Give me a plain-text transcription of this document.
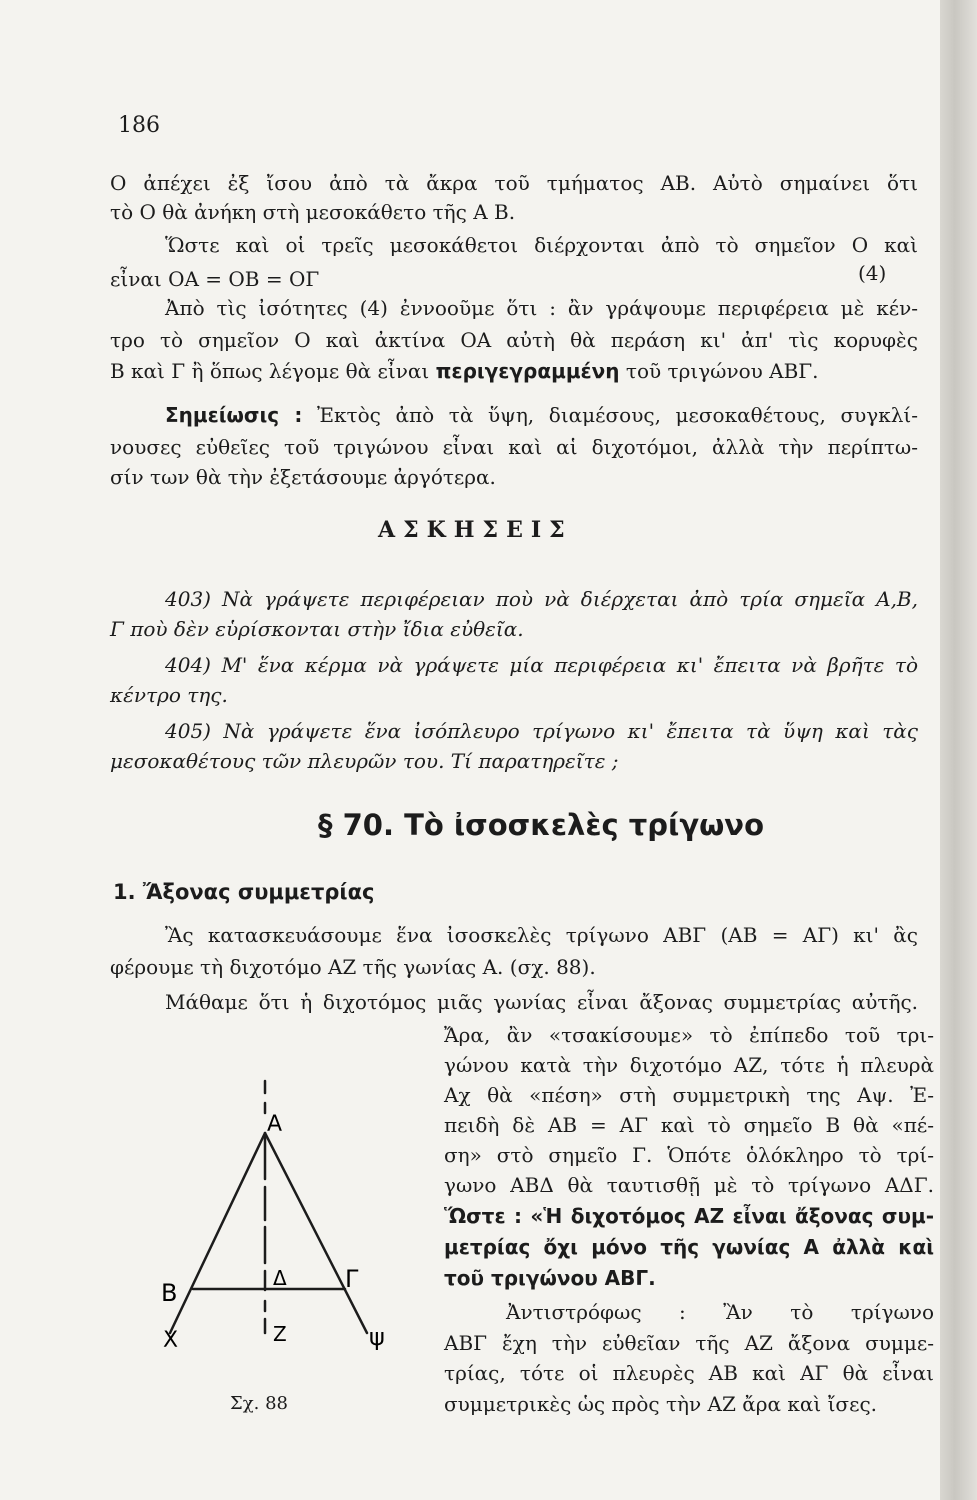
186
Ο ἀπέχει ἐξ ἴσου ἀπὸ τὰ ἄκρα τοῦ τμήματος ΑΒ. Αὐτὸ σημαίνει ὅτι
τὸ Ο θὰ ἀνήκη στὴ μεσοκάθετο τῆς Α Β.
Ὥστε καὶ οἱ τρεῖς μεσοκάθετοι διέρχονται ἀπὸ τὸ σημεῖον Ο καὶ
εἶναι ΟΑ = ΟΒ = ΟΓ	(4)
Ἀπὸ τὶς ἰσότητες (4) ἐννοοῦμε ὅτι : ἂν γράψουμε περιφέρεια μὲ κέν-
τρο τὸ σημεῖον Ο καὶ ἀκτίνα ΟΑ αὐτὴ θὰ περάση κι' ἀπ' τὶς κορυφὲς
Β καὶ Γ ἢ ὅπως λέγομε θὰ εἶναι περιγεγραμμένη τοῦ τριγώνου ΑΒΓ.
Σημείωσις : Ἐκτὸς ἀπὸ τὰ ὕψη, διαμέσους, μεσοκαθέτους, συγκλί-
νουσες εὐθεῖες τοῦ τριγώνου εἶναι καὶ αἱ διχοτόμοι, ἀλλὰ τὴν περίπτω-
σίν των θὰ τὴν ἐξετάσουμε ἀργότερα.
ΑΣΚΗΣΕΙΣ
403) Νὰ γράψετε περιφέρειαν ποὺ νὰ διέρχεται ἀπὸ τρία σημεῖα Α,Β,
Γ ποὺ δὲν εὑρίσκονται στὴν ἴδια εὐθεῖα.
404) Μ' ἕνα κέρμα νὰ γράψετε μία περιφέρεια κι' ἔπειτα νὰ βρῆτε τὸ
κέντρο της.
405) Νὰ γράψετε ἕνα ἰσόπλευρο τρίγωνο κι' ἔπειτα τὰ ὕψη καὶ τὰς
μεσοκαθέτους τῶν πλευρῶν του. Τί παρατηρεῖτε ;
§ 70. Τὸ ἰσοσκελὲς τρίγωνο
1. Ἄξονας συμμετρίας
Ἂς κατασκευάσουμε ἕνα ἰσοσκελὲς τρίγωνο ΑΒΓ (ΑΒ = ΑΓ) κι' ἂς
φέρουμε τὴ διχοτόμο ΑΖ τῆς γωνίας Α. (σχ. 88).
Μάθαμε ὅτι ἡ διχοτόμος μιᾶς γωνίας εἶναι ἄξονας συμμετρίας αὐτῆς.
Ἄρα, ἂν «τσακίσουμε» τὸ ἐπίπεδο τοῦ τρι-
γώνου κατὰ τὴν διχοτόμο ΑΖ, τότε ἡ πλευρὰ
Αχ θὰ «πέση» στὴ συμμετρικὴ της Αψ. Ἐ-
πειδὴ δὲ ΑΒ = ΑΓ καὶ τὸ σημεῖο Β θὰ «πέ-
ση» στὸ σημεῖο Γ. Ὁπότε ὁλόκληρο τὸ τρί-
γωνο ΑΒΔ θὰ ταυτισθῇ μὲ τὸ τρίγωνο ΑΔΓ.
Ὥστε : «Ἡ διχοτόμος ΑΖ εἶναι ἄξονας συμ-
μετρίας ὄχι μόνο τῆς γωνίας Α ἀλλὰ καὶ
τοῦ τριγώνου ΑΒΓ.
Ἀντιστρόφως : Ἂν τὸ τρίγωνο
ΑΒΓ ἔχη τὴν εὐθεῖαν τῆς ΑΖ ἄξονα συμμε-
τρίας, τότε οἱ πλευρὲς ΑΒ καὶ ΑΓ θὰ εἶναι
συμμετρικὲς ὡς πρὸς τὴν ΑΖ ἄρα καὶ ἴσες.
Α
Β	Γ
Δ
Ζ
Χ	ψ
Σχ. 88
